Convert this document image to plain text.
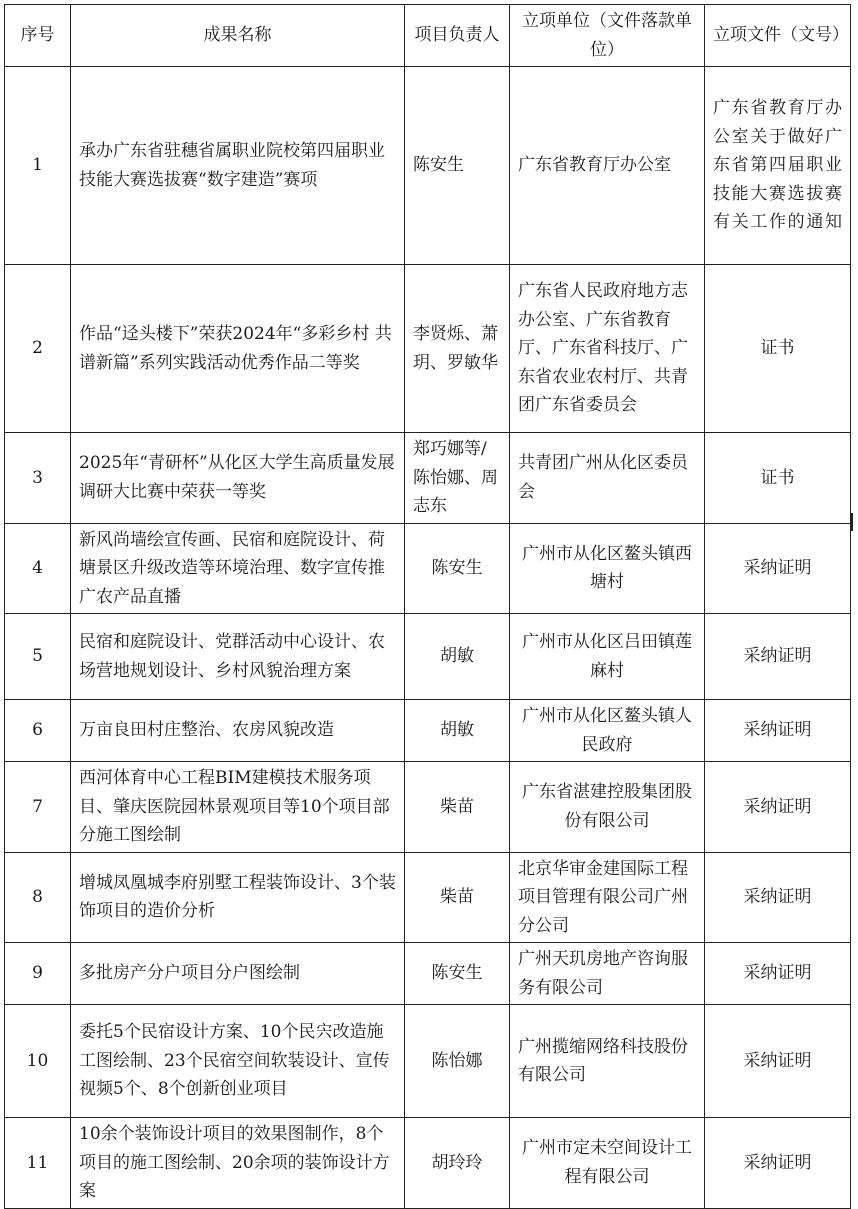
序号	成果名称	项目负责人	立项单位（文件落款单位）	立项文件（文号）
1	承办广东省驻穗省属职业院校第四届职业技能大赛选拔赛“数字建造”赛项	陈安生	广东省教育厅办公室	广东省教育厅办公室关于做好广东省第四届职业技能大赛选拔赛有关工作的通知
2	作品“迳头楼下”荣获2024年“多彩乡村 共谱新篇”系列实践活动优秀作品二等奖	李贤烁、萧玥、罗敏华	广东省人民政府地方志办公室、广东省教育厅、广东省科技厅、广东省农业农村厅、共青团广东省委员会	证书
3	2025年“青研杯”从化区大学生高质量发展调研大比赛中荣获一等奖	郑巧娜等/陈怡娜、周志东	共青团广州从化区委员会	证书
4	新风尚墙绘宣传画、民宿和庭院设计、荷塘景区升级改造等环境治理、数字宣传推广农产品直播	陈安生	广州市从化区鳌头镇西塘村	采纳证明
5	民宿和庭院设计、党群活动中心设计、农场营地规划设计、乡村风貌治理方案	胡敏	广州市从化区吕田镇莲麻村	采纳证明
6	万亩良田村庄整治、农房风貌改造	胡敏	广州市从化区鳌头镇人民政府	采纳证明
7	西河体育中心工程BIM建模技术服务项目、肇庆医院园林景观项目等10个项目部分施工图绘制	柴苗	广东省湛建控股集团股份有限公司	采纳证明
8	增城凤凰城李府别墅工程装饰设计、3个装饰项目的造价分析	柴苗	北京华审金建国际工程项目管理有限公司广州分公司	采纳证明
9	多批房产分户项目分户图绘制	陈安生	广州天玑房地产咨询服务有限公司	采纳证明
10	委托5个民宿设计方案、10个民宍改造施工图绘制、23个民宿空间软装设计、宣传视频5个、8个创新创业项目	陈怡娜	广州揽缩网络科技股份有限公司	采纳证明
11	10余个装饰设计项目的效果图制作，8个项目的施工图绘制、20余项的装饰设计方案	胡玲玲	广州市定未空间设计工程有限公司	采纳证明
